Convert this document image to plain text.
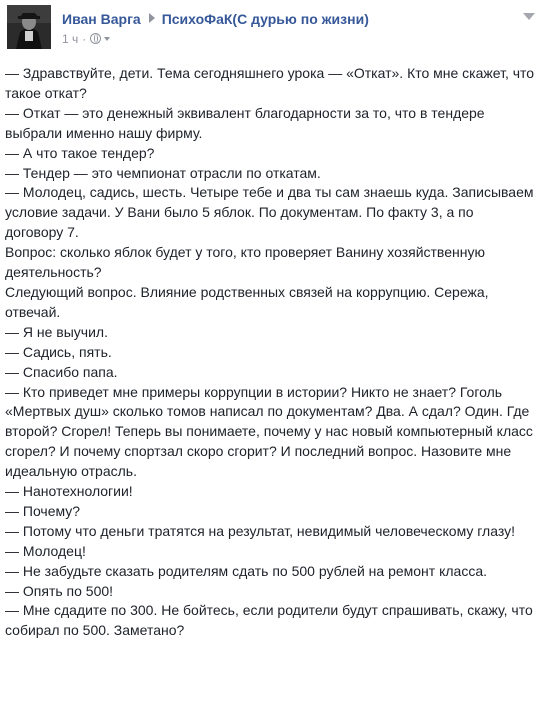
Иван Варга ПсихоФаК(С дурью по жизни)
1 ч ·

— Здравствуйте, дети. Тема сегодняшнего урока — «Откат». Кто мне скажет, что такое откат?

— Откат — это денежный эквивалент благодарности за то, что в тендере выбрали именно нашу фирму.

— А что такое тендер?

— Тендер — это чемпионат отрасли по откатам.

— Молодец, садись, шесть. Четыре тебе и два ты сам знаешь куда. Записываем условие задачи. У Вани было 5 яблок. По документам. По факту 3, а по договору 7.

Вопрос: сколько яблок будет у того, кто проверяет Ванину хозяйственную деятельность?

Следующий вопрос. Влияние родственных связей на коррупцию. Сережа, отвечай.

— Я не выучил.

— Садись, пять.

— Спасибо папа.

— Кто приведет мне примеры коррупции в истории? Никто не знает? Гоголь «Мертвых душ» сколько томов написал по документам? Два. А сдал? Один. Где второй? Сгорел! Теперь вы понимаете, почему у нас новый компьютерный класс сгорел? И почему спортзал скоро сгорит? И последний вопрос. Назовите мне идеальную отрасль.

— Нанотехнологии!

— Почему?

— Потому что деньги тратятся на результат, невидимый человеческому глазу!

— Молодец!

— Не забудьте сказать родителям сдать по 500 рублей на ремонт класса.

— Опять по 500!

— Мне сдадите по 300. Не бойтесь, если родители будут спрашивать, скажу, что собирал по 500. Заметано?
